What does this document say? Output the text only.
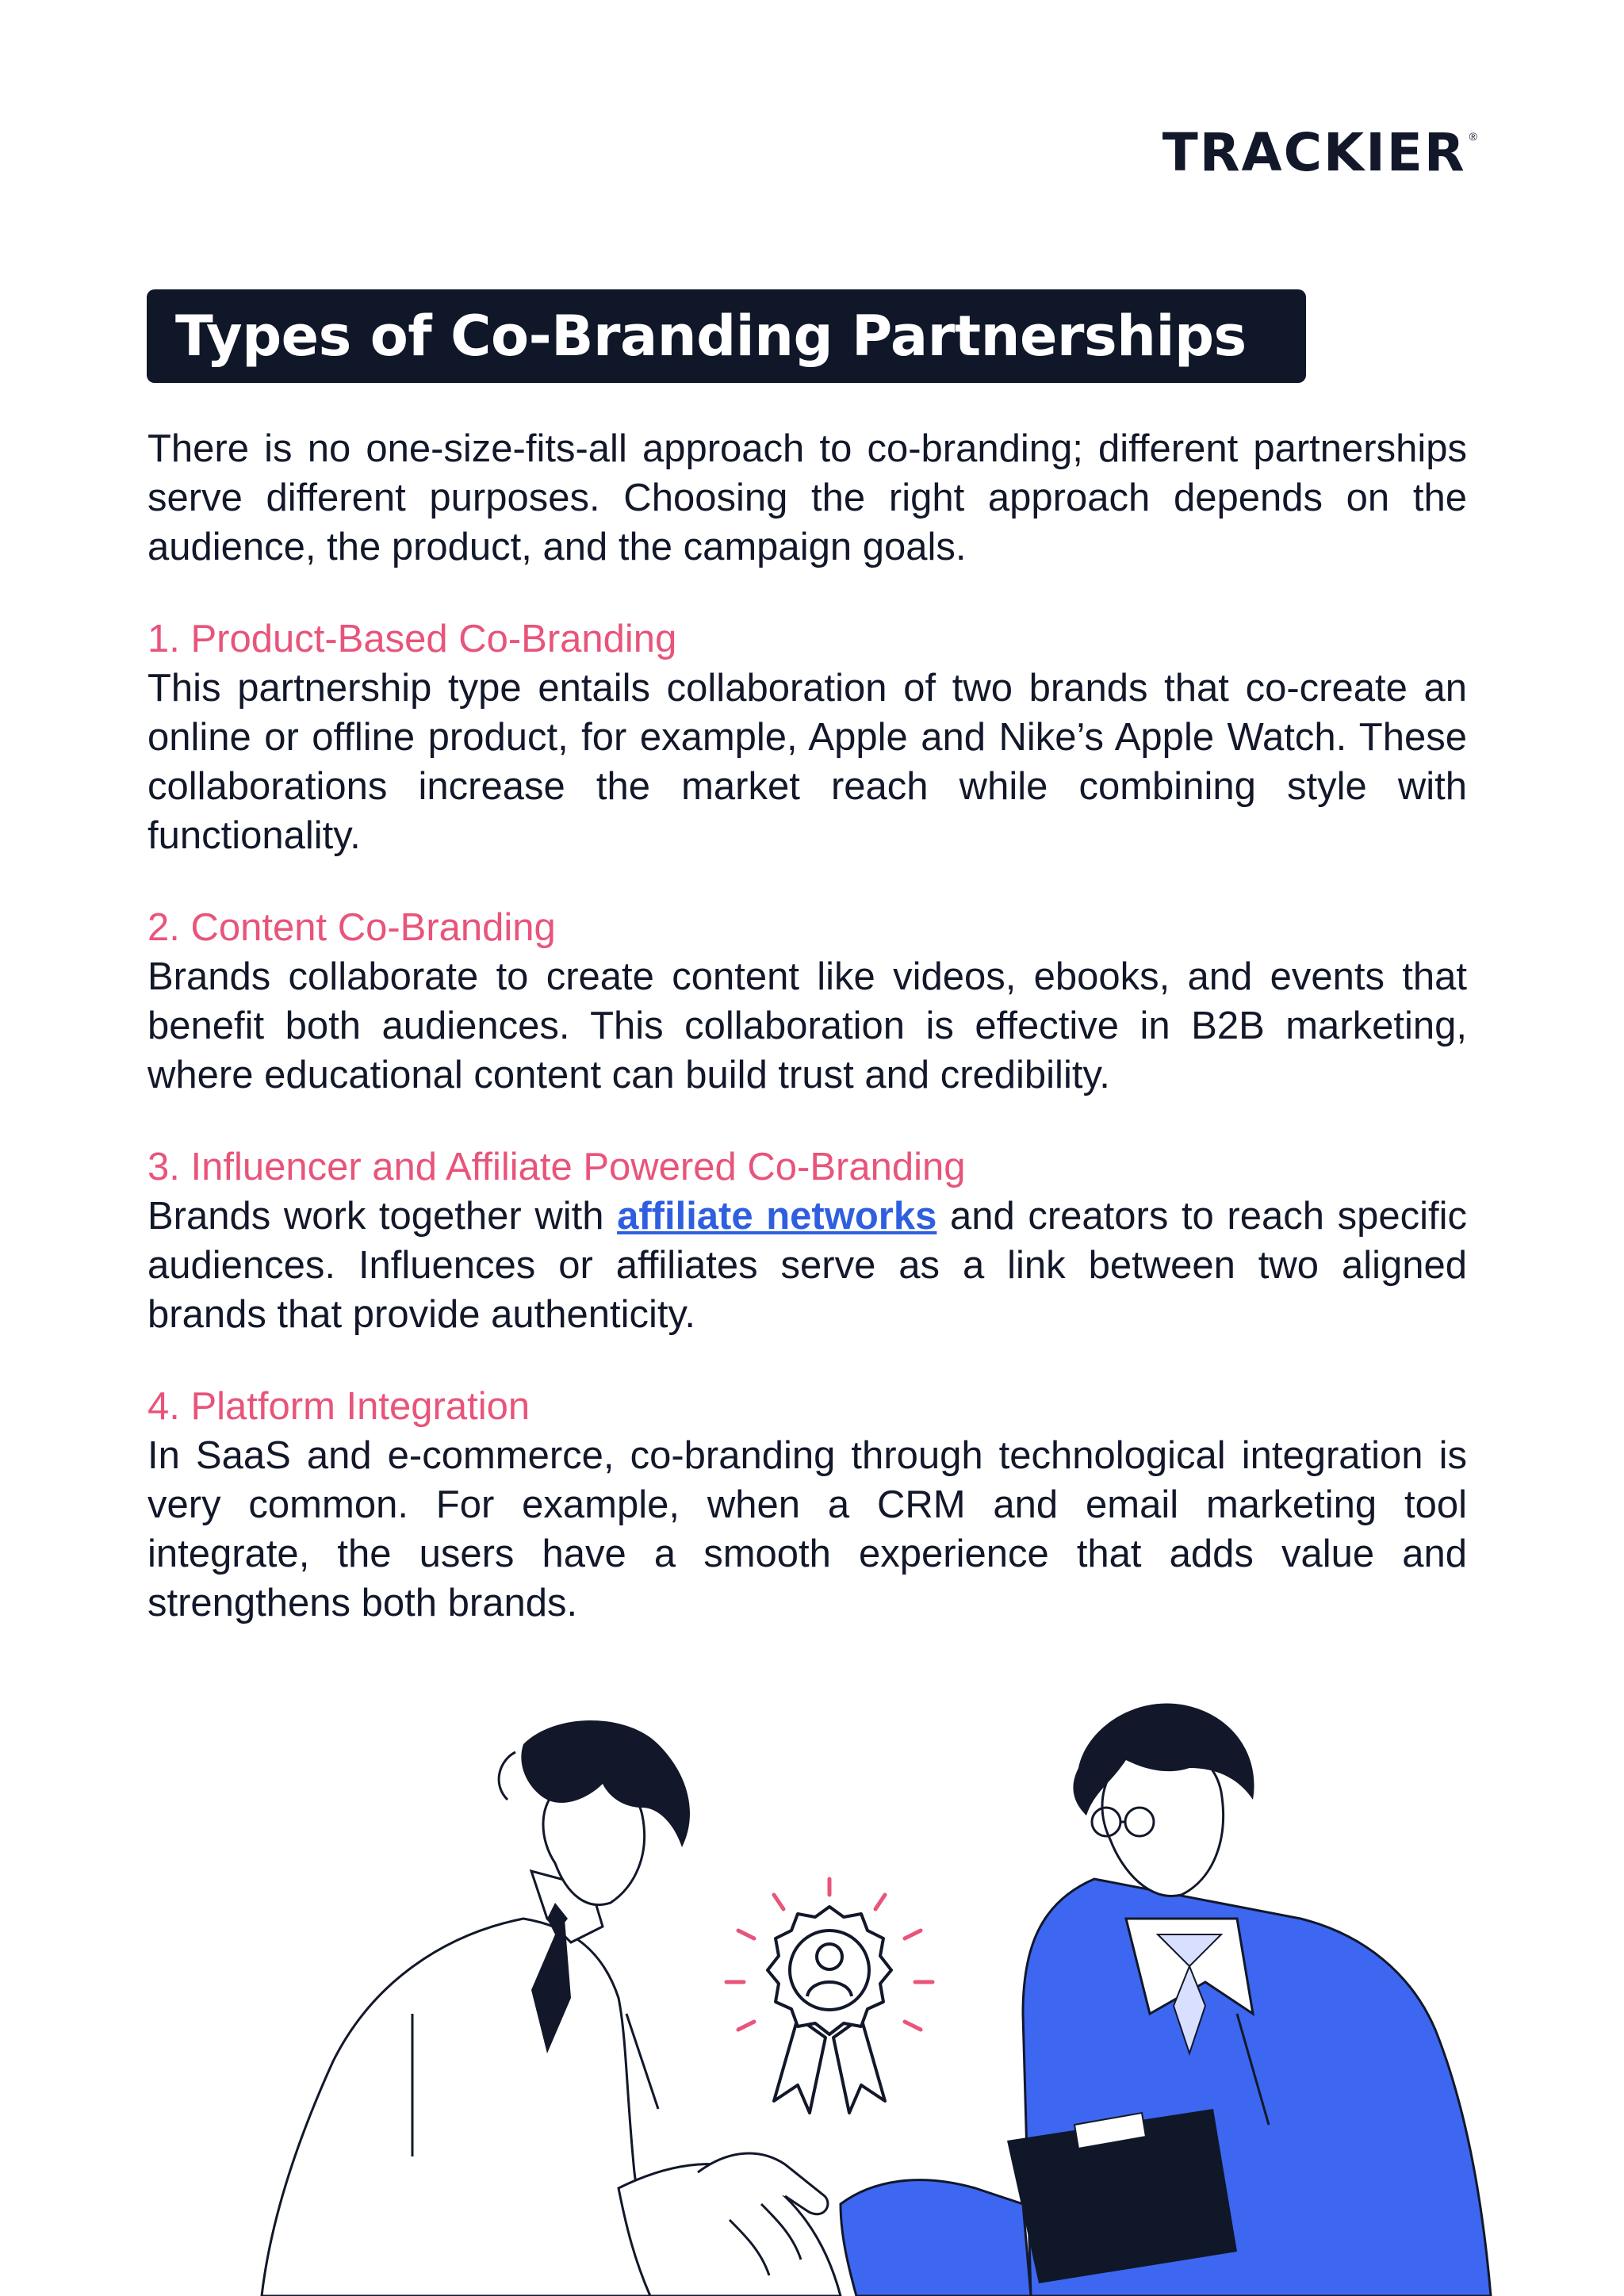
TRACKIER ®
Types of Co-Branding Partnerships

There is no one-size-fits-all approach to co-branding; different partnerships serve different purposes. Choosing the right approach depends on the audience, the product, and the campaign goals.

1. Product-Based Co-Branding

This partnership type entails collaboration of two brands that co-create an online or offline product, for example, Apple and Nike’s Apple Watch. These collaborations increase the market reach while combining style with functionality.

2. Content Co-Branding

Brands collaborate to create content like videos, ebooks, and events that benefit both audiences. This collaboration is effective in B2B marketing, where educational content can build trust and credibility.

3. Influencer and Affiliate Powered Co-Branding

Brands work together with affiliate networks and creators to reach specific audiences. Influences or affiliates serve as a link between two aligned brands that provide authenticity.

4. Platform Integration

In SaaS and e-commerce, co-branding through technological integration is very common. For example, when a CRM and email marketing tool integrate, the users have a smooth experience that adds value and strengthens both brands.
